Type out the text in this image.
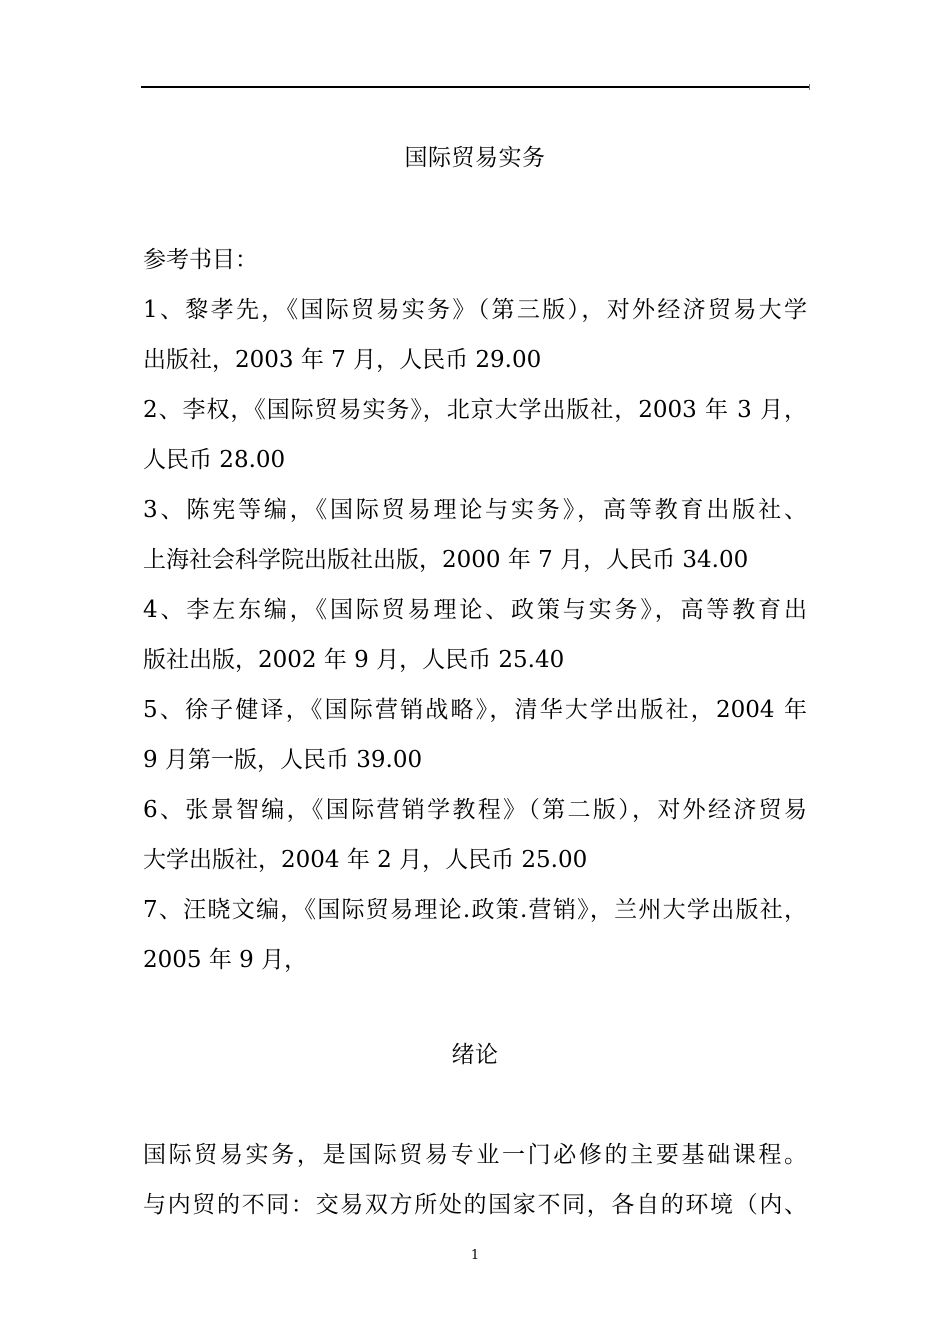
国际贸易实务

参考书目：

1、黎孝先，《国际贸易实务》（第三版），对外经济贸易大学

出版社，2003 年 7 月，人民币 29.00

2、李权，《国际贸易实务》，北京大学出版社，2003 年 3 月，

人民币 28.00

3、陈宪等编，《国际贸易理论与实务》，高等教育出版社、

上海社会科学院出版社出版，2000 年 7 月，人民币 34.00

4、李左东编，《国际贸易理论、政策与实务》，高等教育出

版社出版，2002 年 9 月，人民币 25.40

5、徐子健译，《国际营销战略》，清华大学出版社，2004 年

9 月第一版，人民币 39.00

6、张景智编，《国际营销学教程》（第二版），对外经济贸易

大学出版社，2004 年 2 月，人民币 25.00

7、汪晓文编，《国际贸易理论.政策.营销》，兰州大学出版社，

2005 年 9 月，

绪论

国际贸易实务，是国际贸易专业一门必修的主要基础课程。

与内贸的不同：交易双方所处的国家不同，各自的环境（内、

1
